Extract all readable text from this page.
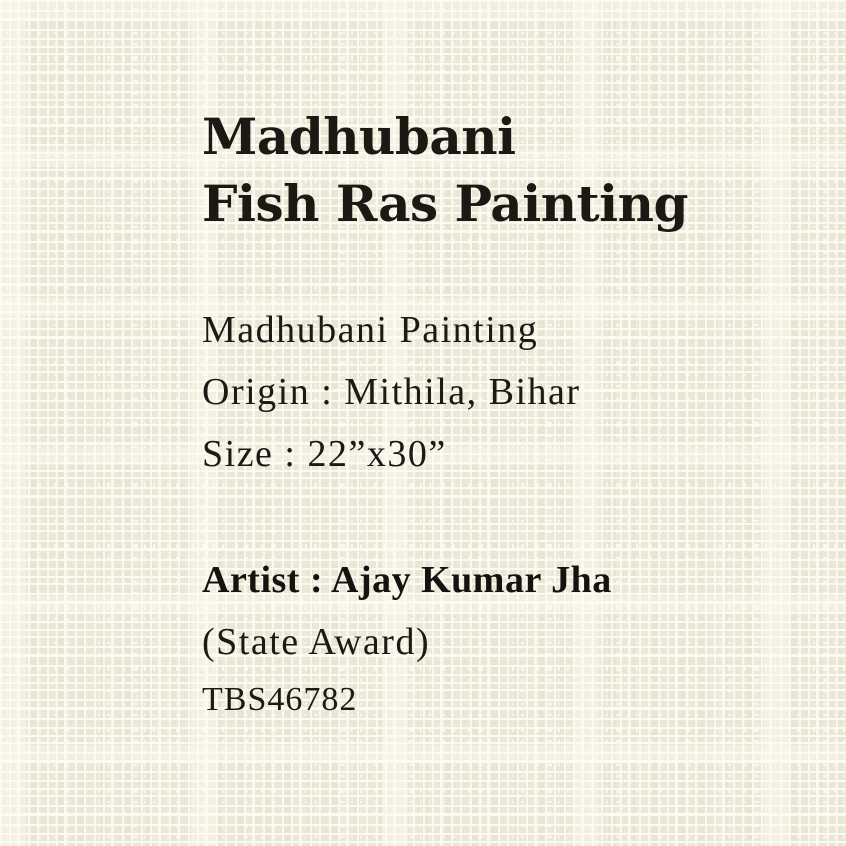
Madhubani
Fish Ras Painting
Madhubani Painting
Origin : Mithila, Bihar
Size : 22”x30”
Artist : Ajay Kumar Jha
(State Award)
TBS46782
